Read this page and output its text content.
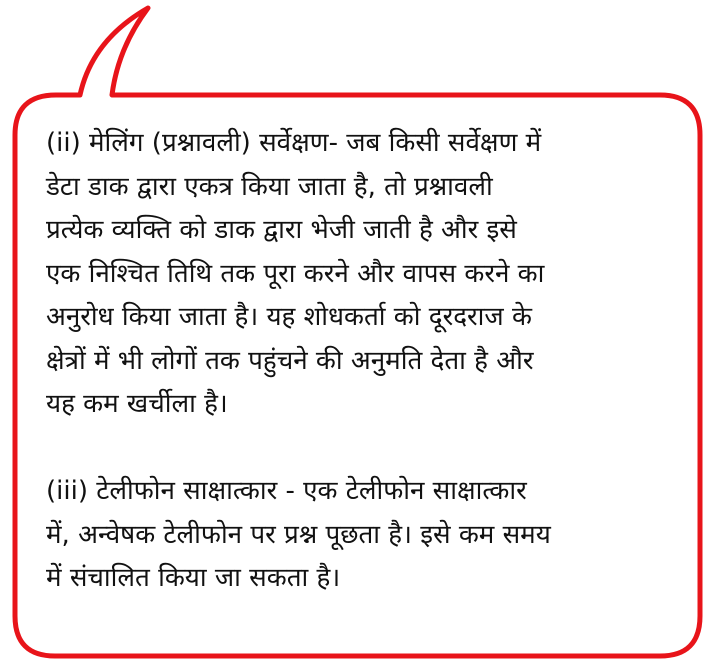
(ii) मेलिंग (प्रश्नावली) सर्वेक्षण- जब किसी सर्वेक्षण में
डेटा डाक द्वारा एकत्र किया जाता है, तो प्रश्नावली
प्रत्येक व्यक्ति को डाक द्वारा भेजी जाती है और इसे
एक निश्चित तिथि तक पूरा करने और वापस करने का
अनुरोध किया जाता है। यह शोधकर्ता को दूरदराज के
क्षेत्रों में भी लोगों तक पहुंचने की अनुमति देता है और
यह कम खर्चीला है।
(iii) टेलीफोन साक्षात्कार - एक टेलीफोन साक्षात्कार
में, अन्वेषक टेलीफोन पर प्रश्न पूछता है। इसे कम समय
में संचालित किया जा सकता है।
